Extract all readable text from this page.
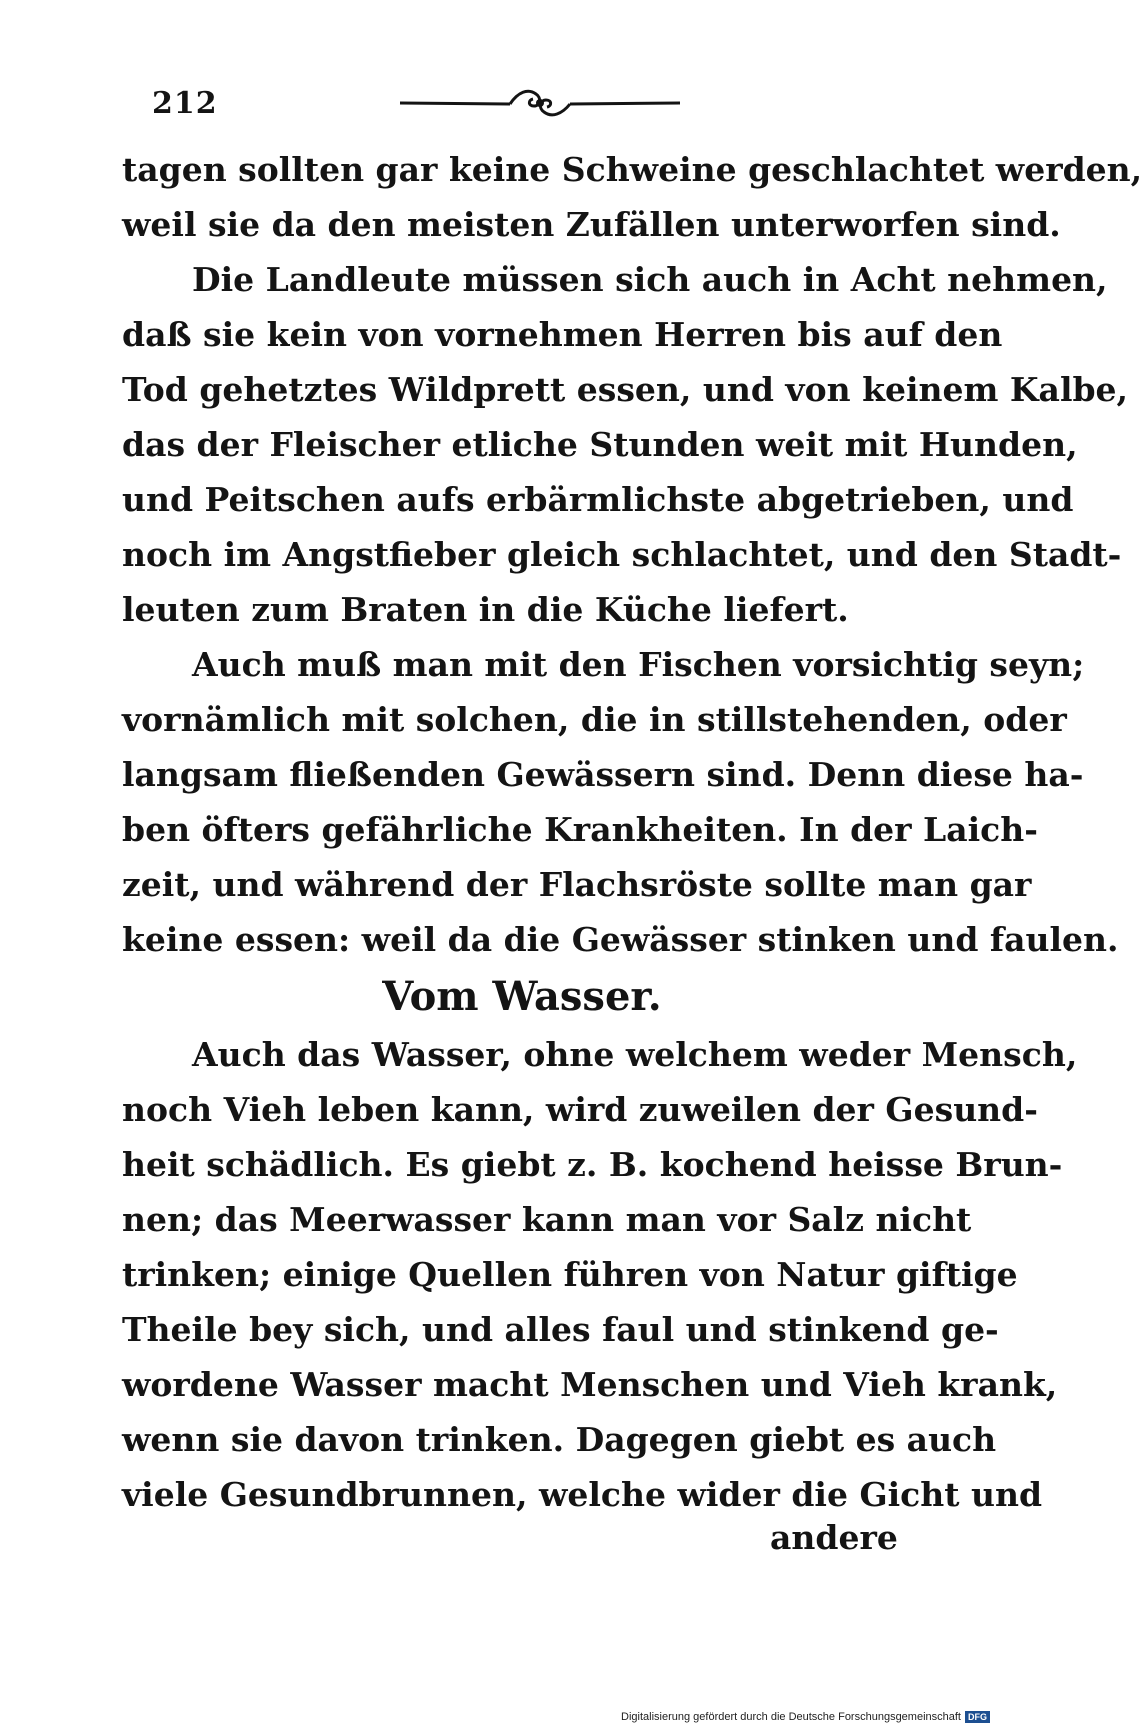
212
tagen sollten gar keine Schweine geschlachtet werden,
weil sie da den meisten Zufällen unterworfen sind.
Die Landleute müssen sich auch in Acht nehmen,
daß sie kein von vornehmen Herren bis auf den
Tod gehetztes Wildprett essen, und von keinem Kalbe,
das der Fleischer etliche Stunden weit mit Hunden,
und Peitschen aufs erbärmlichste abgetrieben, und
noch im Angstfieber gleich schlachtet, und den Stadt-
leuten zum Braten in die Küche liefert.
Auch muß man mit den Fischen vorsichtig seyn;
vornämlich mit solchen, die in stillstehenden, oder
langsam fließenden Gewässern sind. Denn diese ha-
ben öfters gefährliche Krankheiten. In der Laich-
zeit, und während der Flachsröste sollte man gar
keine essen: weil da die Gewässer stinken und faulen.
Vom Wasser.
Auch das Wasser, ohne welchem weder Mensch,
noch Vieh leben kann, wird zuweilen der Gesund-
heit schädlich. Es giebt z. B. kochend heisse Brun-
nen; das Meerwasser kann man vor Salz nicht
trinken; einige Quellen führen von Natur giftige
Theile bey sich, und alles faul und stinkend ge-
wordene Wasser macht Menschen und Vieh krank,
wenn sie davon trinken. Dagegen giebt es auch
viele Gesundbrunnen, welche wider die Gicht und
andere
Digitalisierung gefördert durch die Deutsche Forschungsgemeinschaft DFG
